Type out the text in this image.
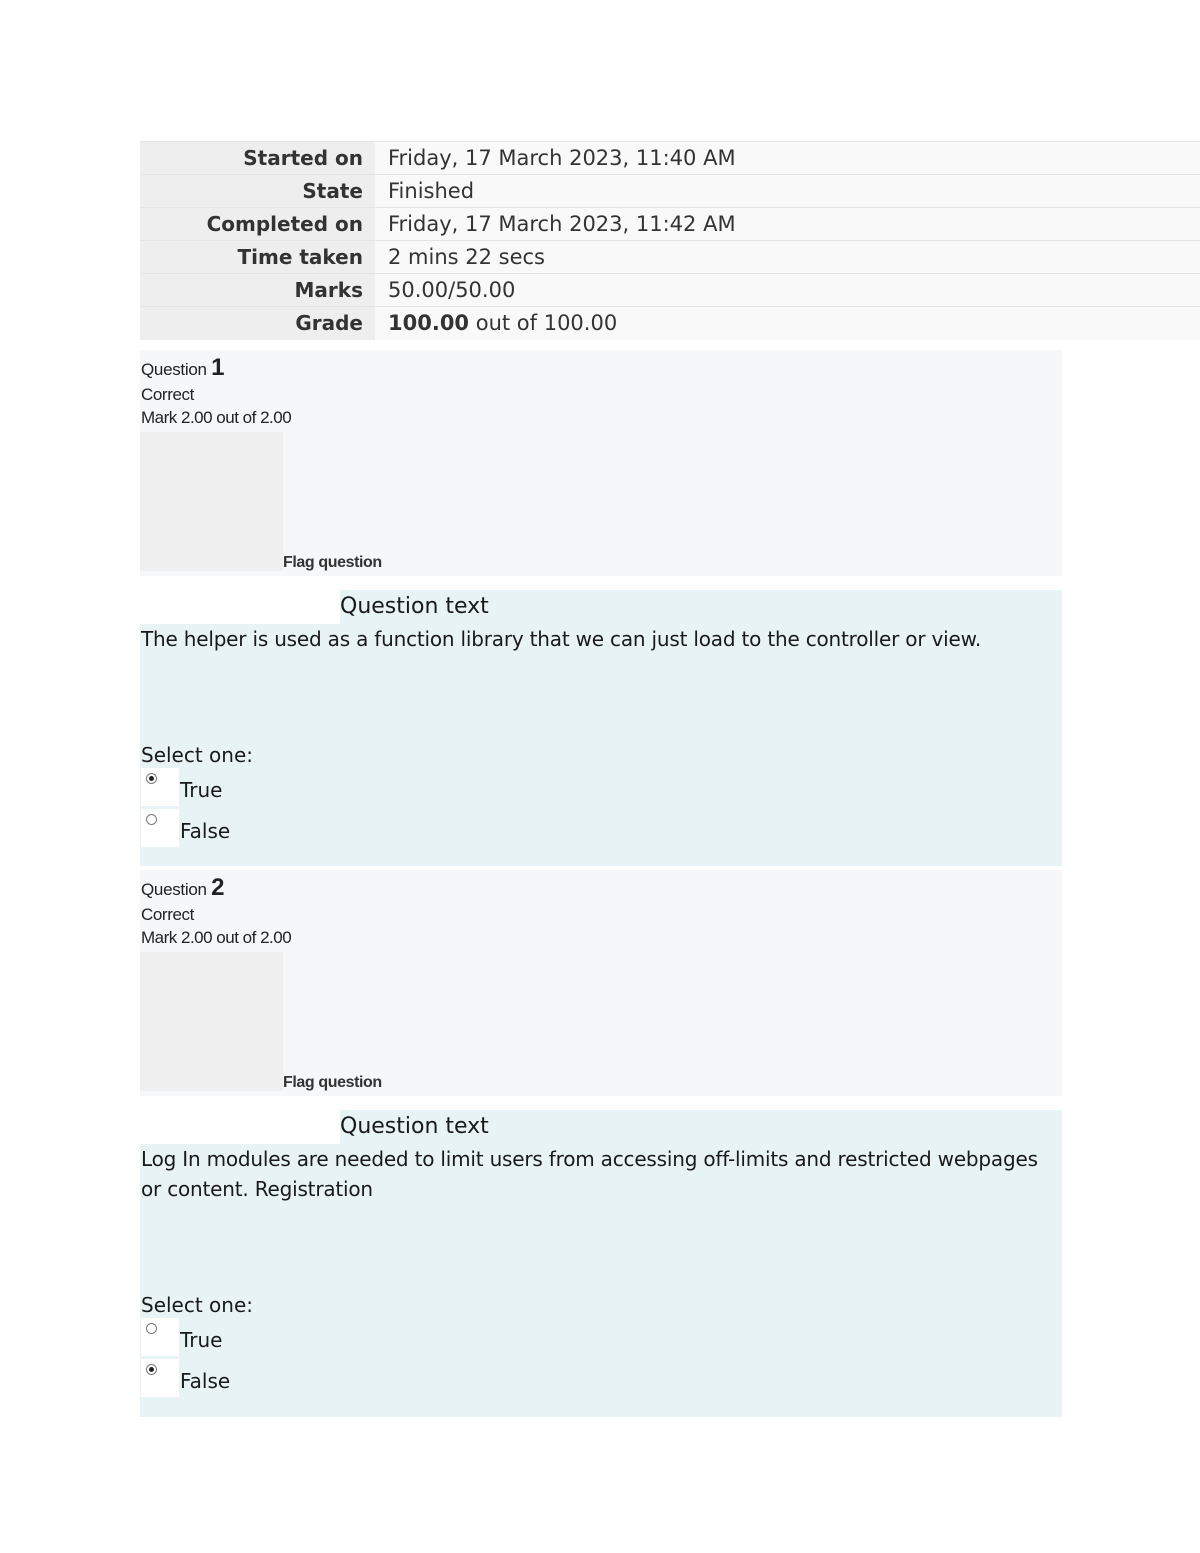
Started on	Friday, 17 March 2023, 11:40 AM
State	Finished
Completed on	Friday, 17 March 2023, 11:42 AM
Time taken	2 mins 22 secs
Marks	50.00/50.00
Grade	100.00 out of 100.00
Question 1
Correct
Mark 2.00 out of 2.00
Flag question
Question text
The helper is used as a function library that we can just load to the controller or view.
Select one:
True
False
Question 2
Correct
Mark 2.00 out of 2.00
Flag question
Question text
Log In modules are needed to limit users from accessing off-limits and restricted webpages or content. Registration
Select one:
True
False
